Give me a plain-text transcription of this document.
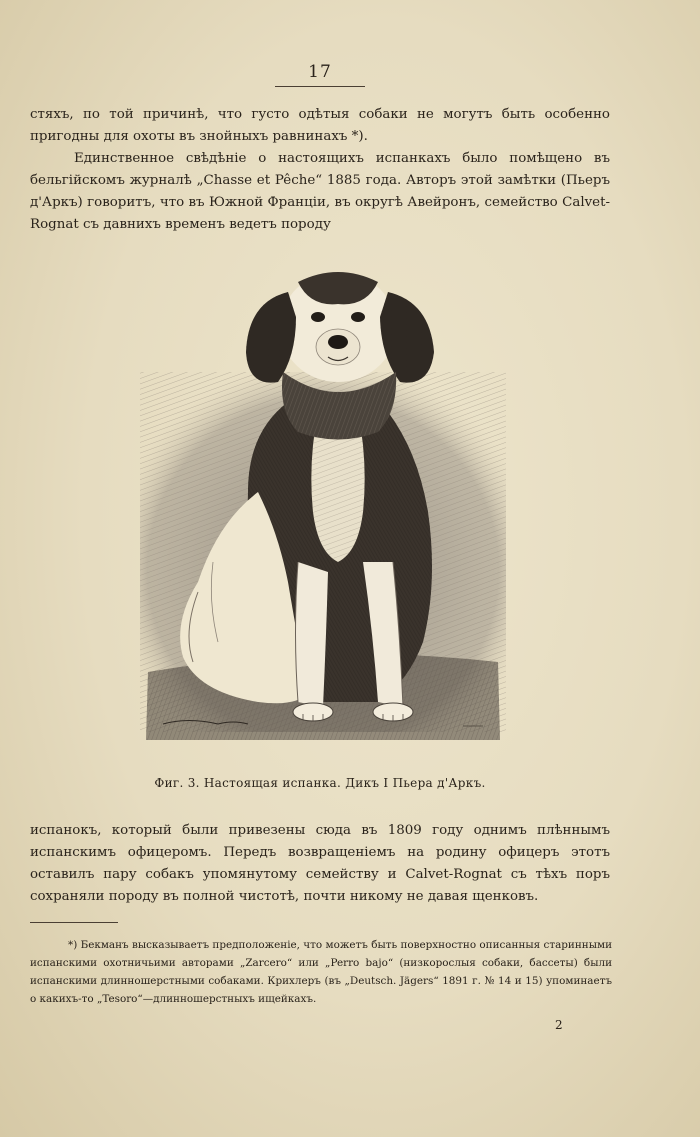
17

стяхъ, по той причинѣ, что густо одѣтыя собаки не могутъ быть особенно пригодны для охоты въ знойныхъ равнинахъ *).

Единственное свѣдѣніе о настоящихъ испанкахъ было помѣщено въ бельгійскомъ журналѣ „Chasse et Pêche“ 1885 года. Авторъ этой замѣтки (Пьеръ д'Аркъ) говоритъ, что въ Южной Франціи, въ округѣ Авейронъ, семейство Calvet-Rognat съ давнихъ временъ ведетъ породу

Фиг. 3. Настоящая испанка. Дикъ I Пьера д'Аркъ.

испанокъ, который были привезены сюда въ 1809 году однимъ плѣннымъ испанскимъ офицеромъ. Передъ возвращеніемъ на родину офицеръ этотъ оставилъ пару собакъ упомянутому семейству и Calvet-Rognat съ тѣхъ поръ сохраняли породу въ полной чистотѣ, почти никому не давая щенковъ.

*) Бекманъ высказываетъ предположеніе, что можетъ быть поверхностно описанныя старинными испанскими охотничьими авторами „Zarcero“ или „Perro bajo“ (низкорослыя собаки, бассеты) были испанскими длинношерстными собаками. Крихлеръ (въ „Deutsch. Jägers“ 1891 г. № 14 и 15) упоминаетъ о какихъ-то „Tesoro“—длинношерстныхъ ищейкахъ.

2
